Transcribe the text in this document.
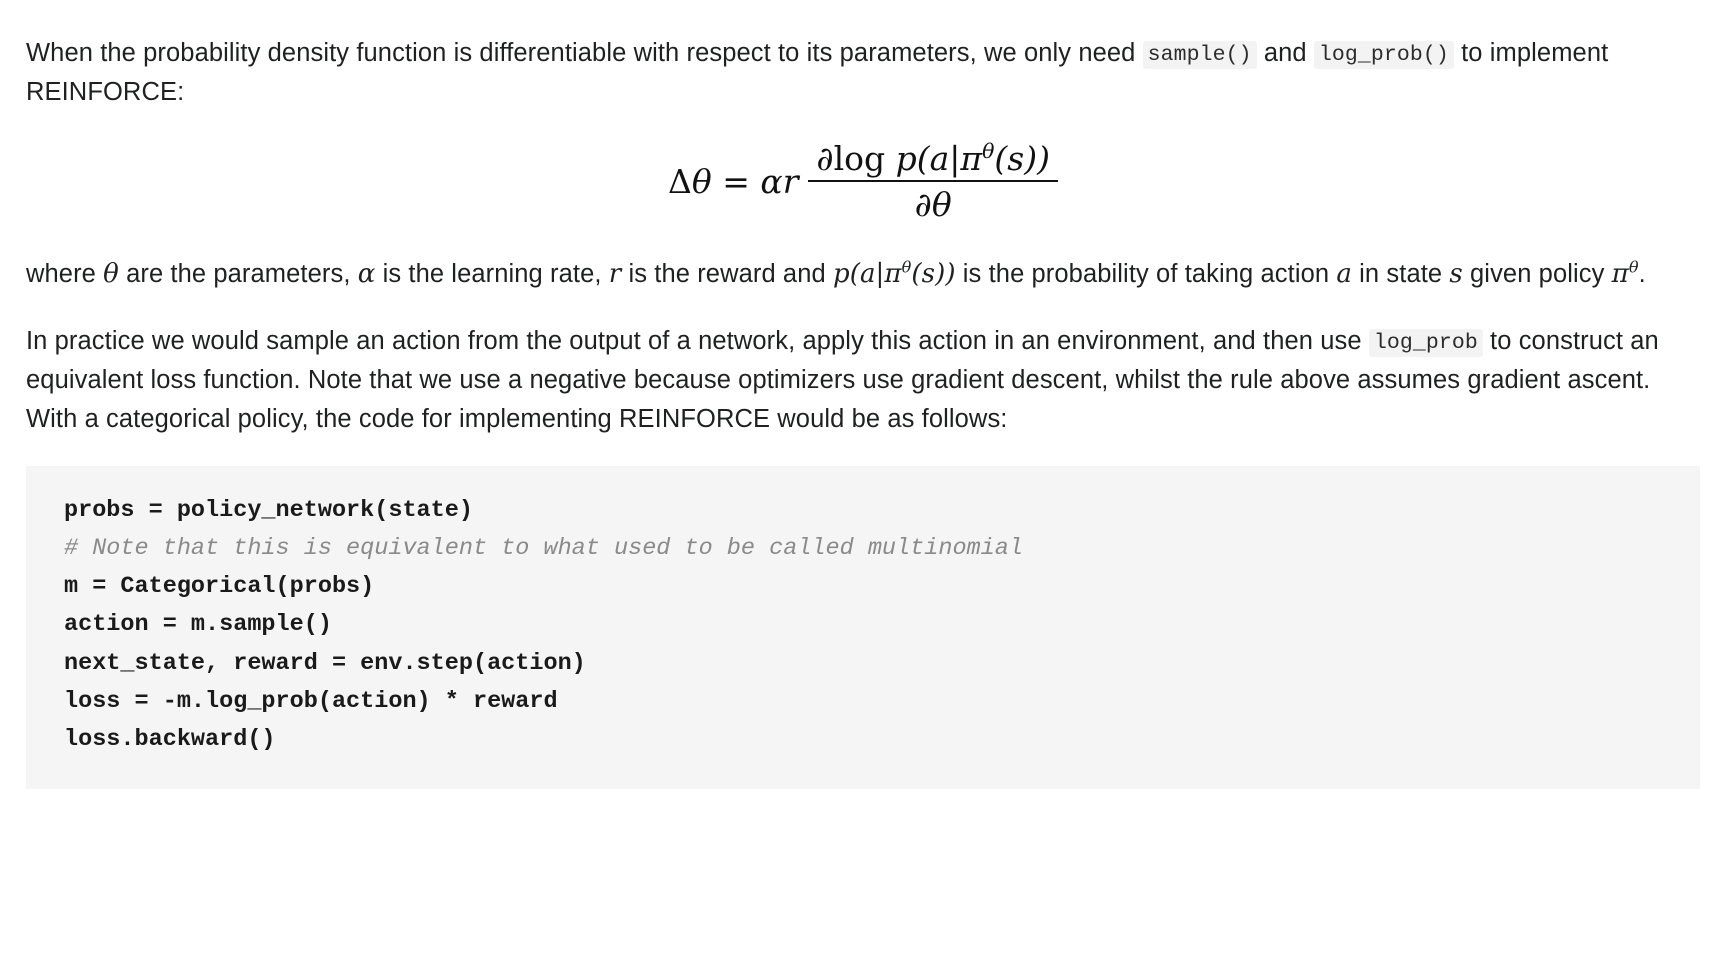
When the probability density function is differentiable with respect to its parameters, we only need sample() and log_prob() to implement REINFORCE:

Δθ = αr $\frac{\partial\log p(a|\pi^\theta(s))}{\partial\theta}$

where θ are the parameters, α is the learning rate, r is the reward and $p(a|\pi^\theta(s))$ is the probability of taking action a in state s given policy $\pi^\theta$.

In practice we would sample an action from the output of a network, apply this action in an environment, and then use log_prob to construct an equivalent loss function. Note that we use a negative because optimizers use gradient descent, whilst the rule above assumes gradient ascent. With a categorical policy, the code for implementing REINFORCE would be as follows:

probs = policy_network(state)
# Note that this is equivalent to what used to be called multinomial
m = Categorical(probs)
action = m.sample()
next_state, reward = env.step(action)
loss = -m.log_prob(action) * reward
loss.backward()
